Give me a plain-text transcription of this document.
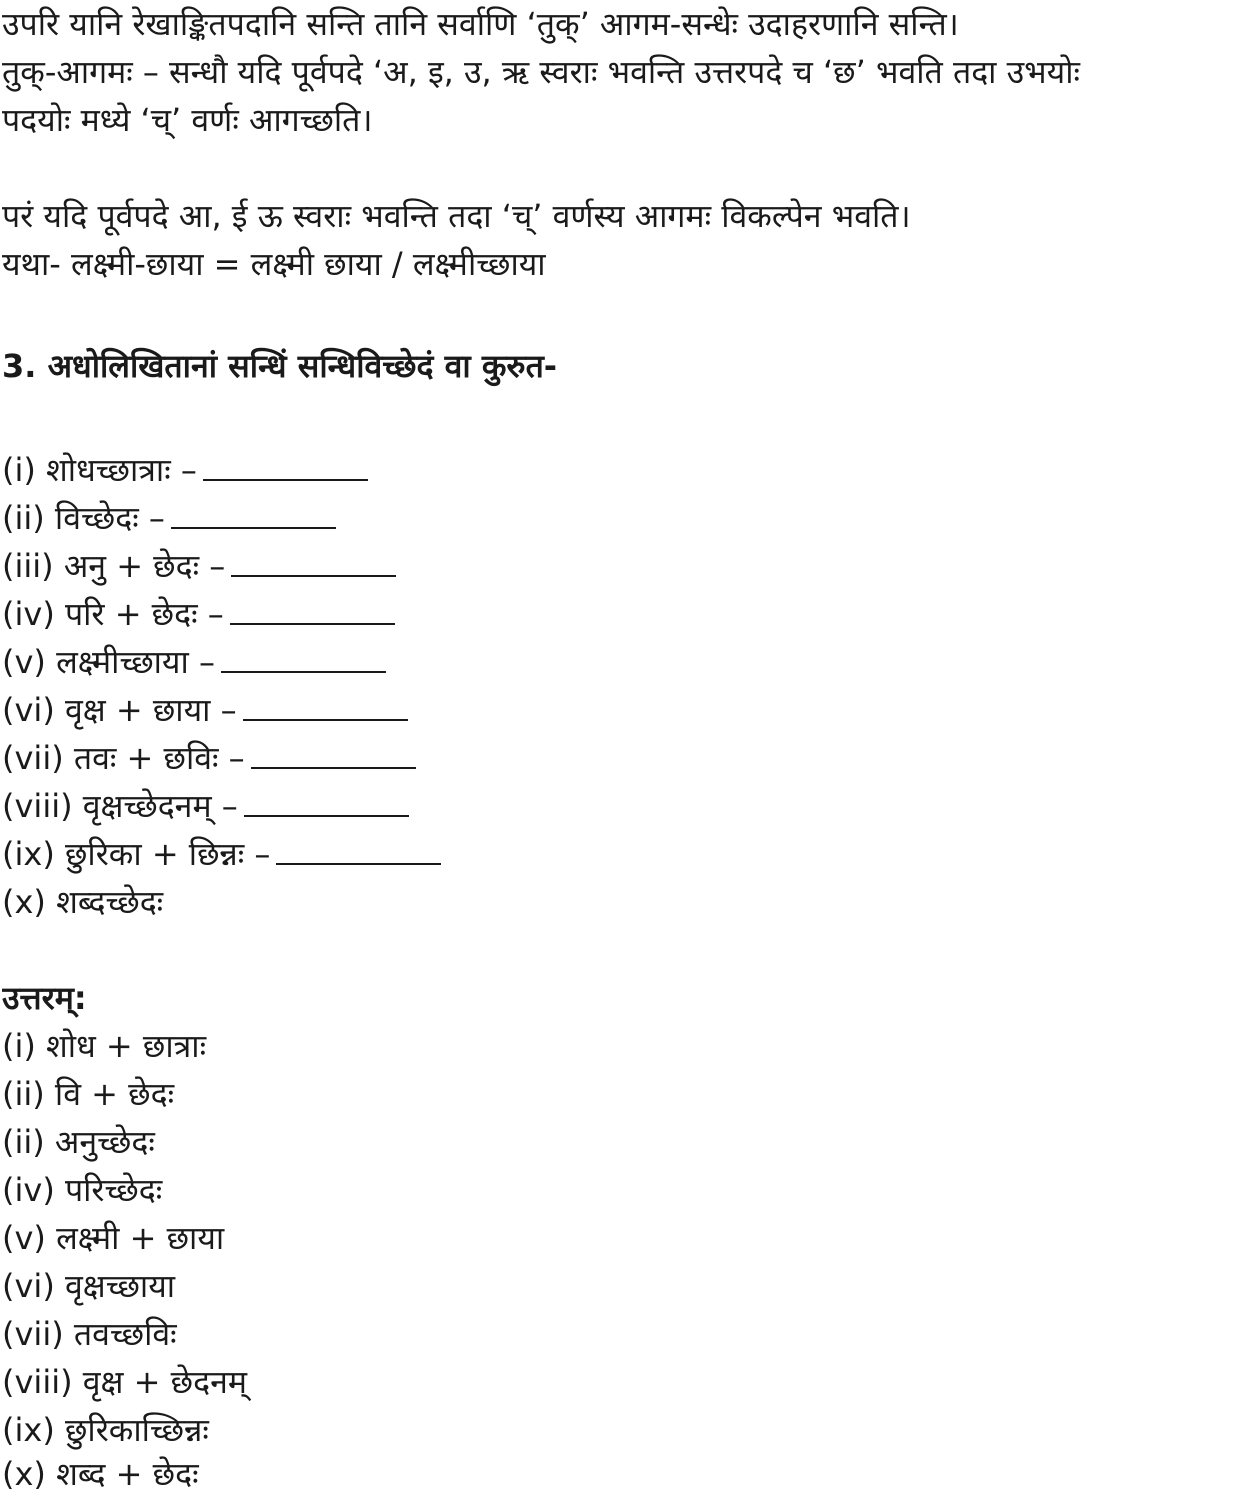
उपरि यानि रेखाङ्कितपदानि सन्ति तानि सर्वाणि ‘तुक्’ आगम-सन्धेः उदाहरणानि सन्ति।
तुक्-आगमः – सन्धौ यदि पूर्वपदे ‘अ, इ, उ, ऋ स्वराः भवन्ति उत्तरपदे च ‘छ’ भवति तदा उभयोः
पदयोः मध्ये ‘च्’ वर्णः आगच्छति।
परं यदि पूर्वपदे आ, ई ऊ स्वराः भवन्ति तदा ‘च्’ वर्णस्य आगमः विकल्पेन भवति।
यथा- लक्ष्मी-छाया = लक्ष्मी छाया / लक्ष्मीच्छाया
3. अधोलिखितानां सन्धिं सन्धिविच्छेदं वा कुरुत-
(i) शोधच्छात्राः –
(ii) विच्छेदः –
(iii) अनु + छेदः –
(iv) परि + छेदः –
(v) लक्ष्मीच्छाया –
(vi) वृक्ष + छाया –
(vii) तवः + छविः –
(viii) वृक्षच्छेदनम् –
(ix) छुरिका + छिन्नः –
(x) शब्दच्छेदः
उत्तरम्:
(i) शोध + छात्राः
(ii) वि + छेदः
(ii) अनुच्छेदः
(iv) परिच्छेदः
(v) लक्ष्मी + छाया
(vi) वृक्षच्छाया
(vii) तवच्छविः
(viii) वृक्ष + छेदनम्
(ix) छुरिकाच्छिन्नः
(x) शब्द + छेदः
